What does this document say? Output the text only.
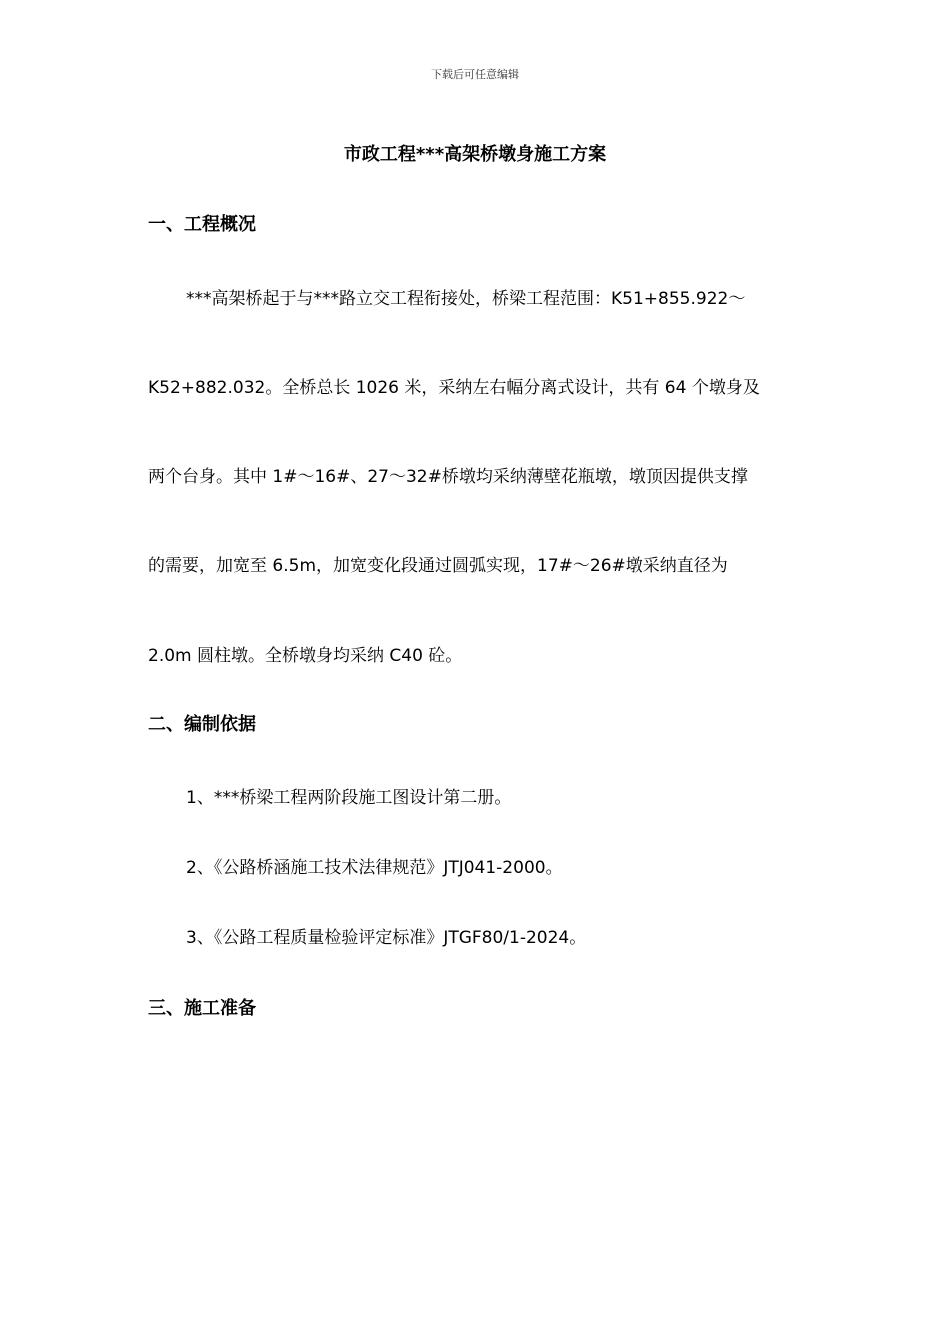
下载后可任意编辑
市政工程***高架桥墩身施工方案
一、工程概况
***高架桥起于与***路立交工程衔接处，桥梁工程范围：K51+855.922～
K52+882.032。全桥总长 1026 米，采纳左右幅分离式设计，共有 64 个墩身及
两个台身。其中 1#～16#、27～32#桥墩均采纳薄壁花瓶墩，墩顶因提供支撑
的需要，加宽至 6.5m，加宽变化段通过圆弧实现，17#～26#墩采纳直径为
2.0m 圆柱墩。全桥墩身均采纳 C40 砼。
二、编制依据
1、***桥梁工程两阶段施工图设计第二册。
2、《公路桥涵施工技术法律规范》JTJ041-2000。
3、《公路工程质量检验评定标准》JTGF80/1-2024。
三、施工准备
